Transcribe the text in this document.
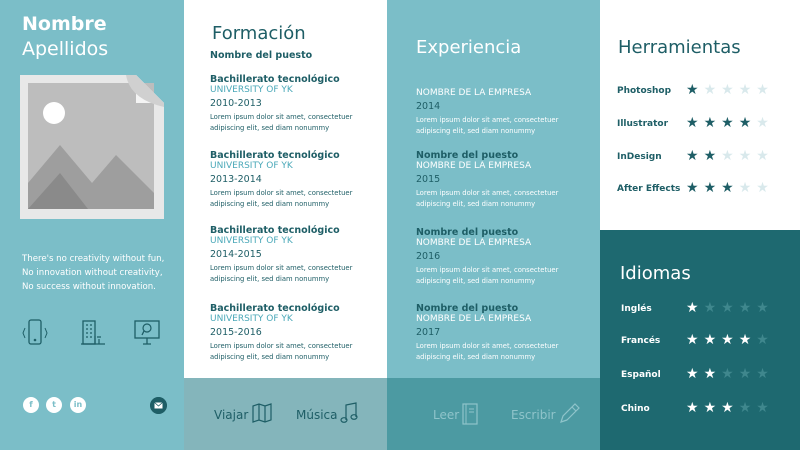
Nombre
Apellidos
There's no creativity without fun,
No innovation without creativity,
No success without innovation.
f	t	in
Formación
Nombre del puesto
Bachillerato tecnológico
UNIVERSITY OF YK
2010-2013
Lorem ipsum dolor sit amet, consectetuer
adipiscing elit, sed diam nonummy
Bachillerato tecnológico
UNIVERSITY OF YK
2013-2014
Lorem ipsum dolor sit amet, consectetuer
adipiscing elit, sed diam nonummy
Bachillerato tecnológico
UNIVERSITY OF YK
2014-2015
Lorem ipsum dolor sit amet, consectetuer
adipiscing elit, sed diam nonummy
Bachillerato tecnológico
UNIVERSITY OF YK
2015-2016
Lorem ipsum dolor sit amet, consectetuer
adipiscing elit, sed diam nonummy
Experiencia
NOMBRE DE LA EMPRESA
2014
Lorem ipsum dolor sit amet, consectetuer
adipiscing elit, sed diam nonummy
Nombre del puesto
NOMBRE DE LA EMPRESA
2015
Lorem ipsum dolor sit amet, consectetuer
adipiscing elit, sed diam nonummy
Nombre del puesto
NOMBRE DE LA EMPRESA
2016
Lorem ipsum dolor sit amet, consectetuer
adipiscing elit, sed diam nonummy
Nombre del puesto
NOMBRE DE LA EMPRESA
2017
Lorem ipsum dolor sit amet, consectetuer
adipiscing elit, sed diam nonummy
Herramientas
Photoshop ★ ★ ★ ★ ★
Illustrator ★ ★ ★ ★ ★
InDesign ★ ★ ★ ★ ★
After Effects ★ ★ ★ ★ ★
Idiomas
Inglés ★ ★ ★ ★ ★
Francés ★ ★ ★ ★ ★
Español ★ ★ ★ ★ ★
Chino	★ ★ ★ ★ ★
Viajar	Música	Leer	Escribir
